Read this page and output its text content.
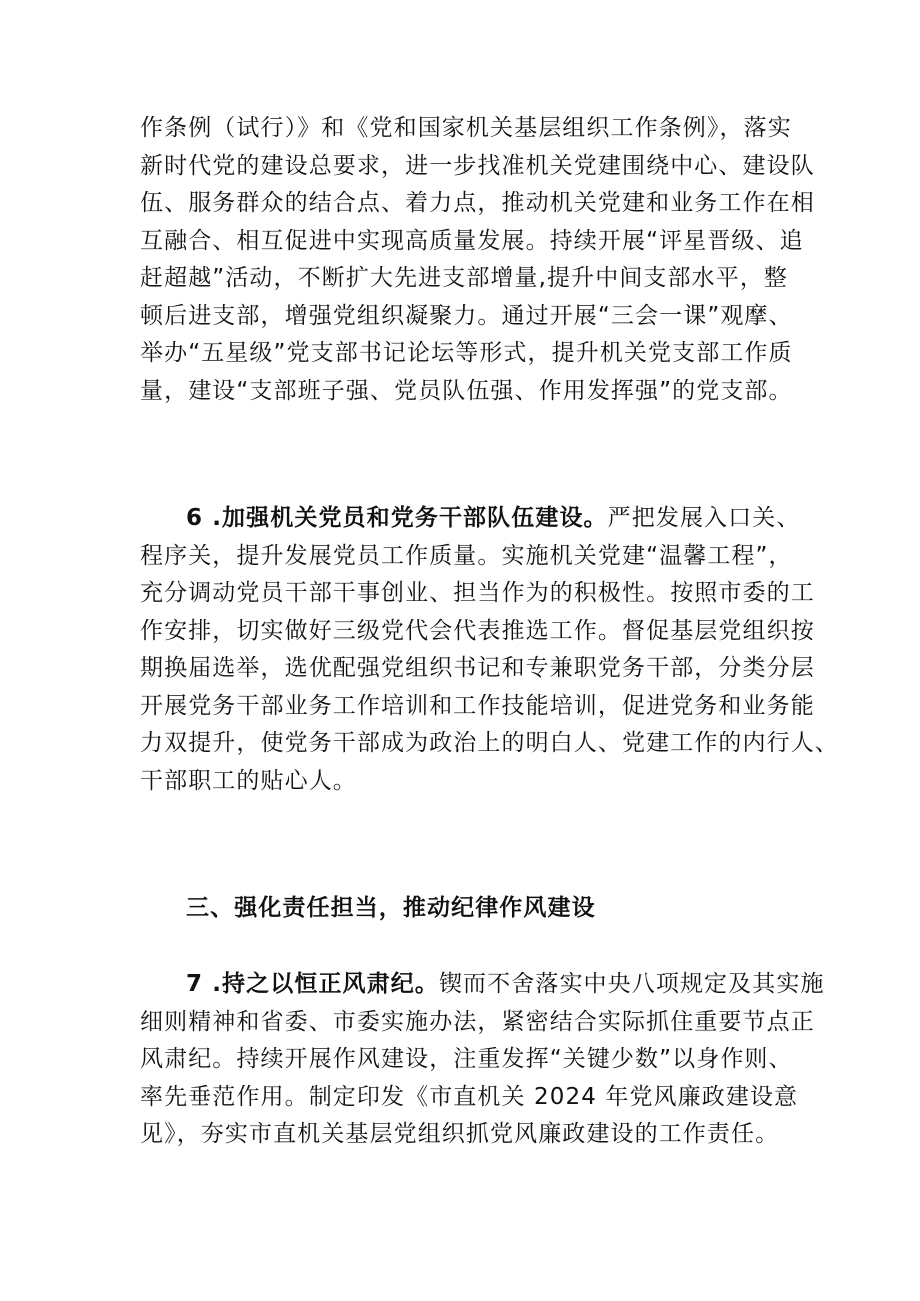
作条例（试行）》和《党和国家机关基层组织工作条例》，落实
新时代党的建设总要求，进一步找准机关党建围绕中心、建设队
伍、服务群众的结合点、着力点，推动机关党建和业务工作在相
互融合、相互促进中实现高质量发展。持续开展“评星晋级、追
赶超越”活动，不断扩大先进支部增量,提升中间支部水平，整
顿后进支部，增强党组织凝聚力。通过开展“三会一课”观摩、
举办“五星级”党支部书记论坛等形式，提升机关党支部工作质
量，建设“支部班子强、党员队伍强、作用发挥强”的党支部。
6 .加强机关党员和党务干部队伍建设。严把发展入口关、
程序关，提升发展党员工作质量。实施机关党建“温馨工程”，
充分调动党员干部干事创业、担当作为的积极性。按照市委的工
作安排，切实做好三级党代会代表推选工作。督促基层党组织按
期换届选举，选优配强党组织书记和专兼职党务干部，分类分层
开展党务干部业务工作培训和工作技能培训，促进党务和业务能
力双提升，使党务干部成为政治上的明白人、党建工作的内行人、
干部职工的贴心人。
三、强化责任担当，推动纪律作风建设
7 .持之以恒正风肃纪。锲而不舍落实中央八项规定及其实施
细则精神和省委、市委实施办法，紧密结合实际抓住重要节点正
风肃纪。持续开展作风建设，注重发挥“关键少数”以身作则、
率先垂范作用。制定印发《市直机关 2024 年党风廉政建设意
见》，夯实市直机关基层党组织抓党风廉政建设的工作责任。
